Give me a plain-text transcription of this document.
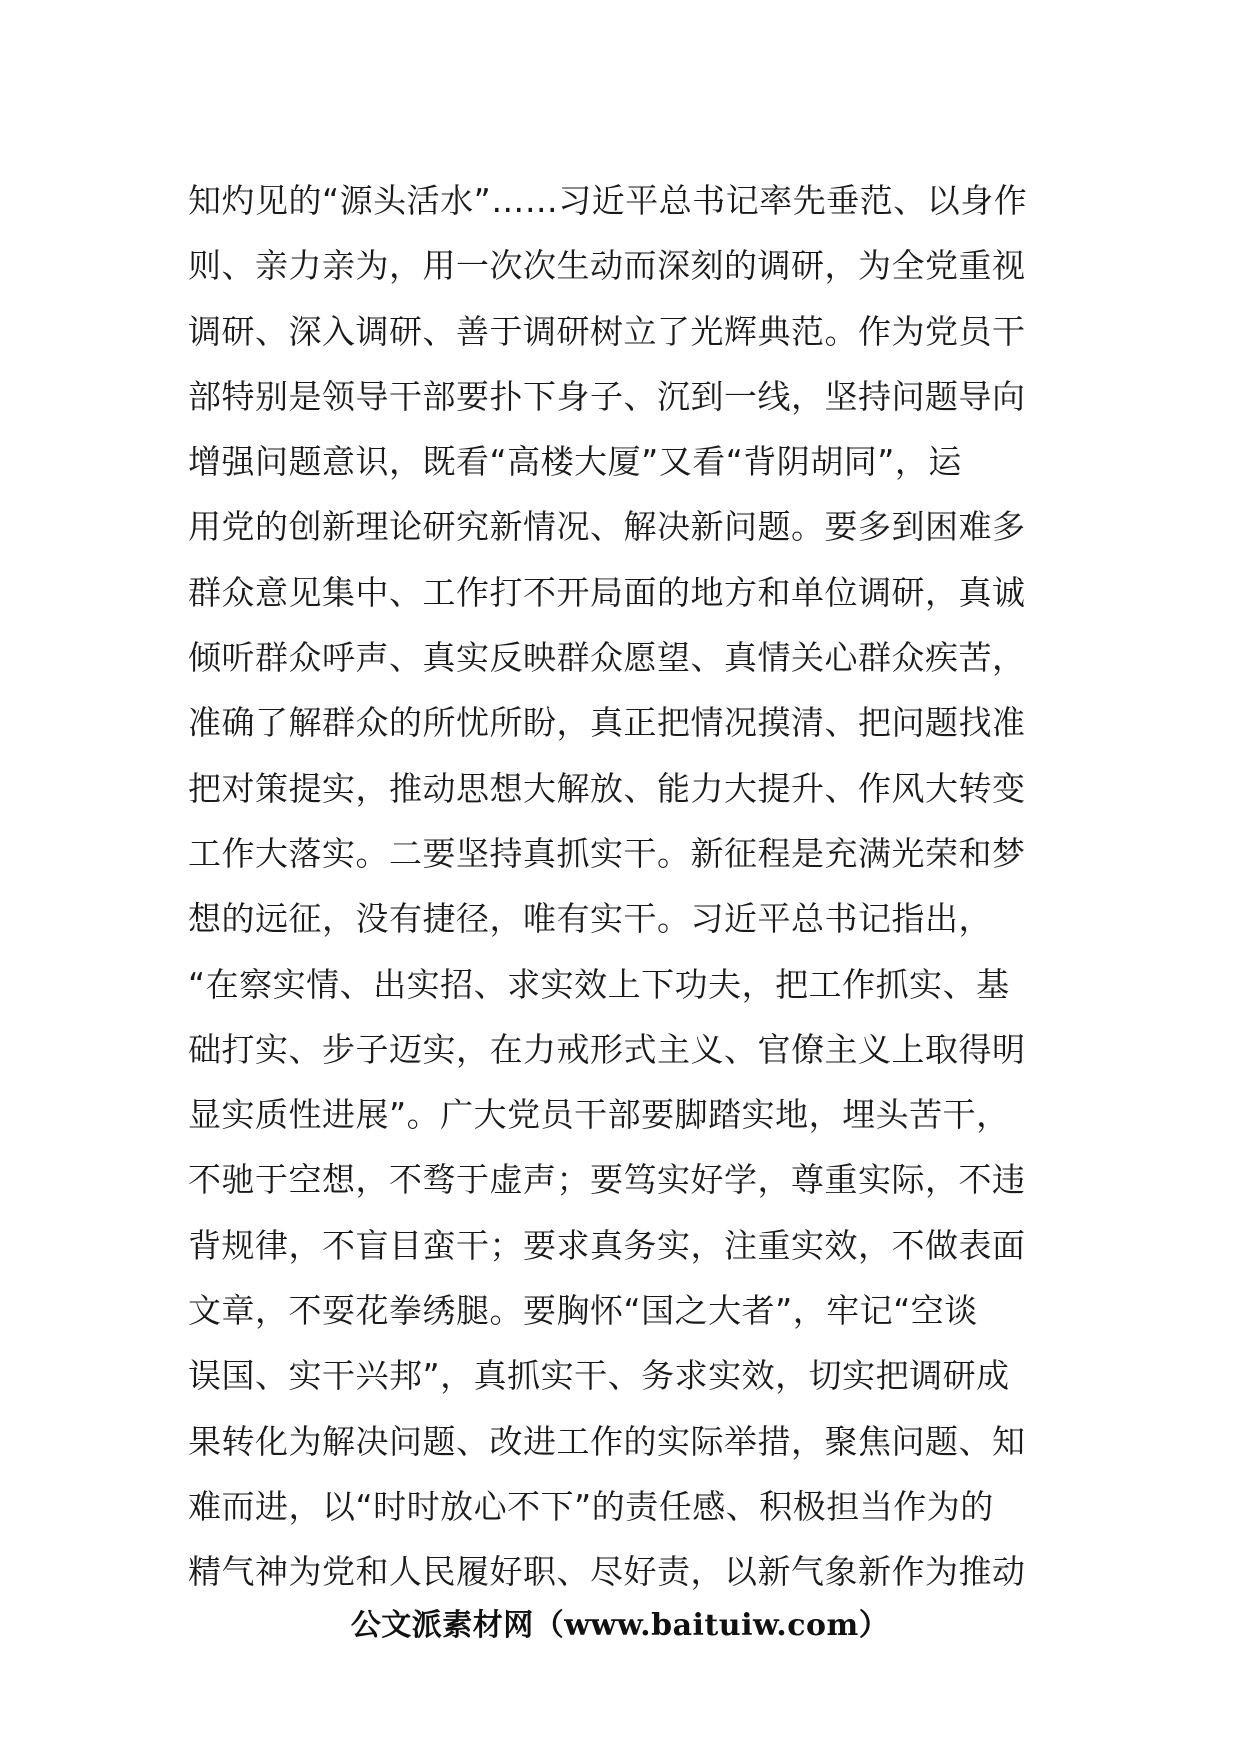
知灼见的“源头活水”……习近平总书记率先垂范、以身作
则、亲力亲为，用一次次生动而深刻的调研，为全党重视
调研、深入调研、善于调研树立了光辉典范。作为党员干
部特别是领导干部要扑下身子、沉到一线，坚持问题导向
增强问题意识，既看“高楼大厦”又看“背阴胡同”，运
用党的创新理论研究新情况、解决新问题。要多到困难多
群众意见集中、工作打不开局面的地方和单位调研，真诚
倾听群众呼声、真实反映群众愿望、真情关心群众疾苦，
准确了解群众的所忧所盼，真正把情况摸清、把问题找准
把对策提实，推动思想大解放、能力大提升、作风大转变
工作大落实。二要坚持真抓实干。新征程是充满光荣和梦
想的远征，没有捷径，唯有实干。习近平总书记指出，
“在察实情、出实招、求实效上下功夫，把工作抓实、基
础打实、步子迈实，在力戒形式主义、官僚主义上取得明
显实质性进展”。广大党员干部要脚踏实地，埋头苦干，
不驰于空想，不骛于虚声；要笃实好学，尊重实际，不违
背规律，不盲目蛮干；要求真务实，注重实效，不做表面
文章，不耍花拳绣腿。要胸怀“国之大者”，牢记“空谈
误国、实干兴邦”，真抓实干、务求实效，切实把调研成
果转化为解决问题、改进工作的实际举措，聚焦问题、知
难而进，以“时时放心不下”的责任感、积极担当作为的
精气神为党和人民履好职、尽好责，以新气象新作为推动
公文派素材网（www.baituiw.com）
